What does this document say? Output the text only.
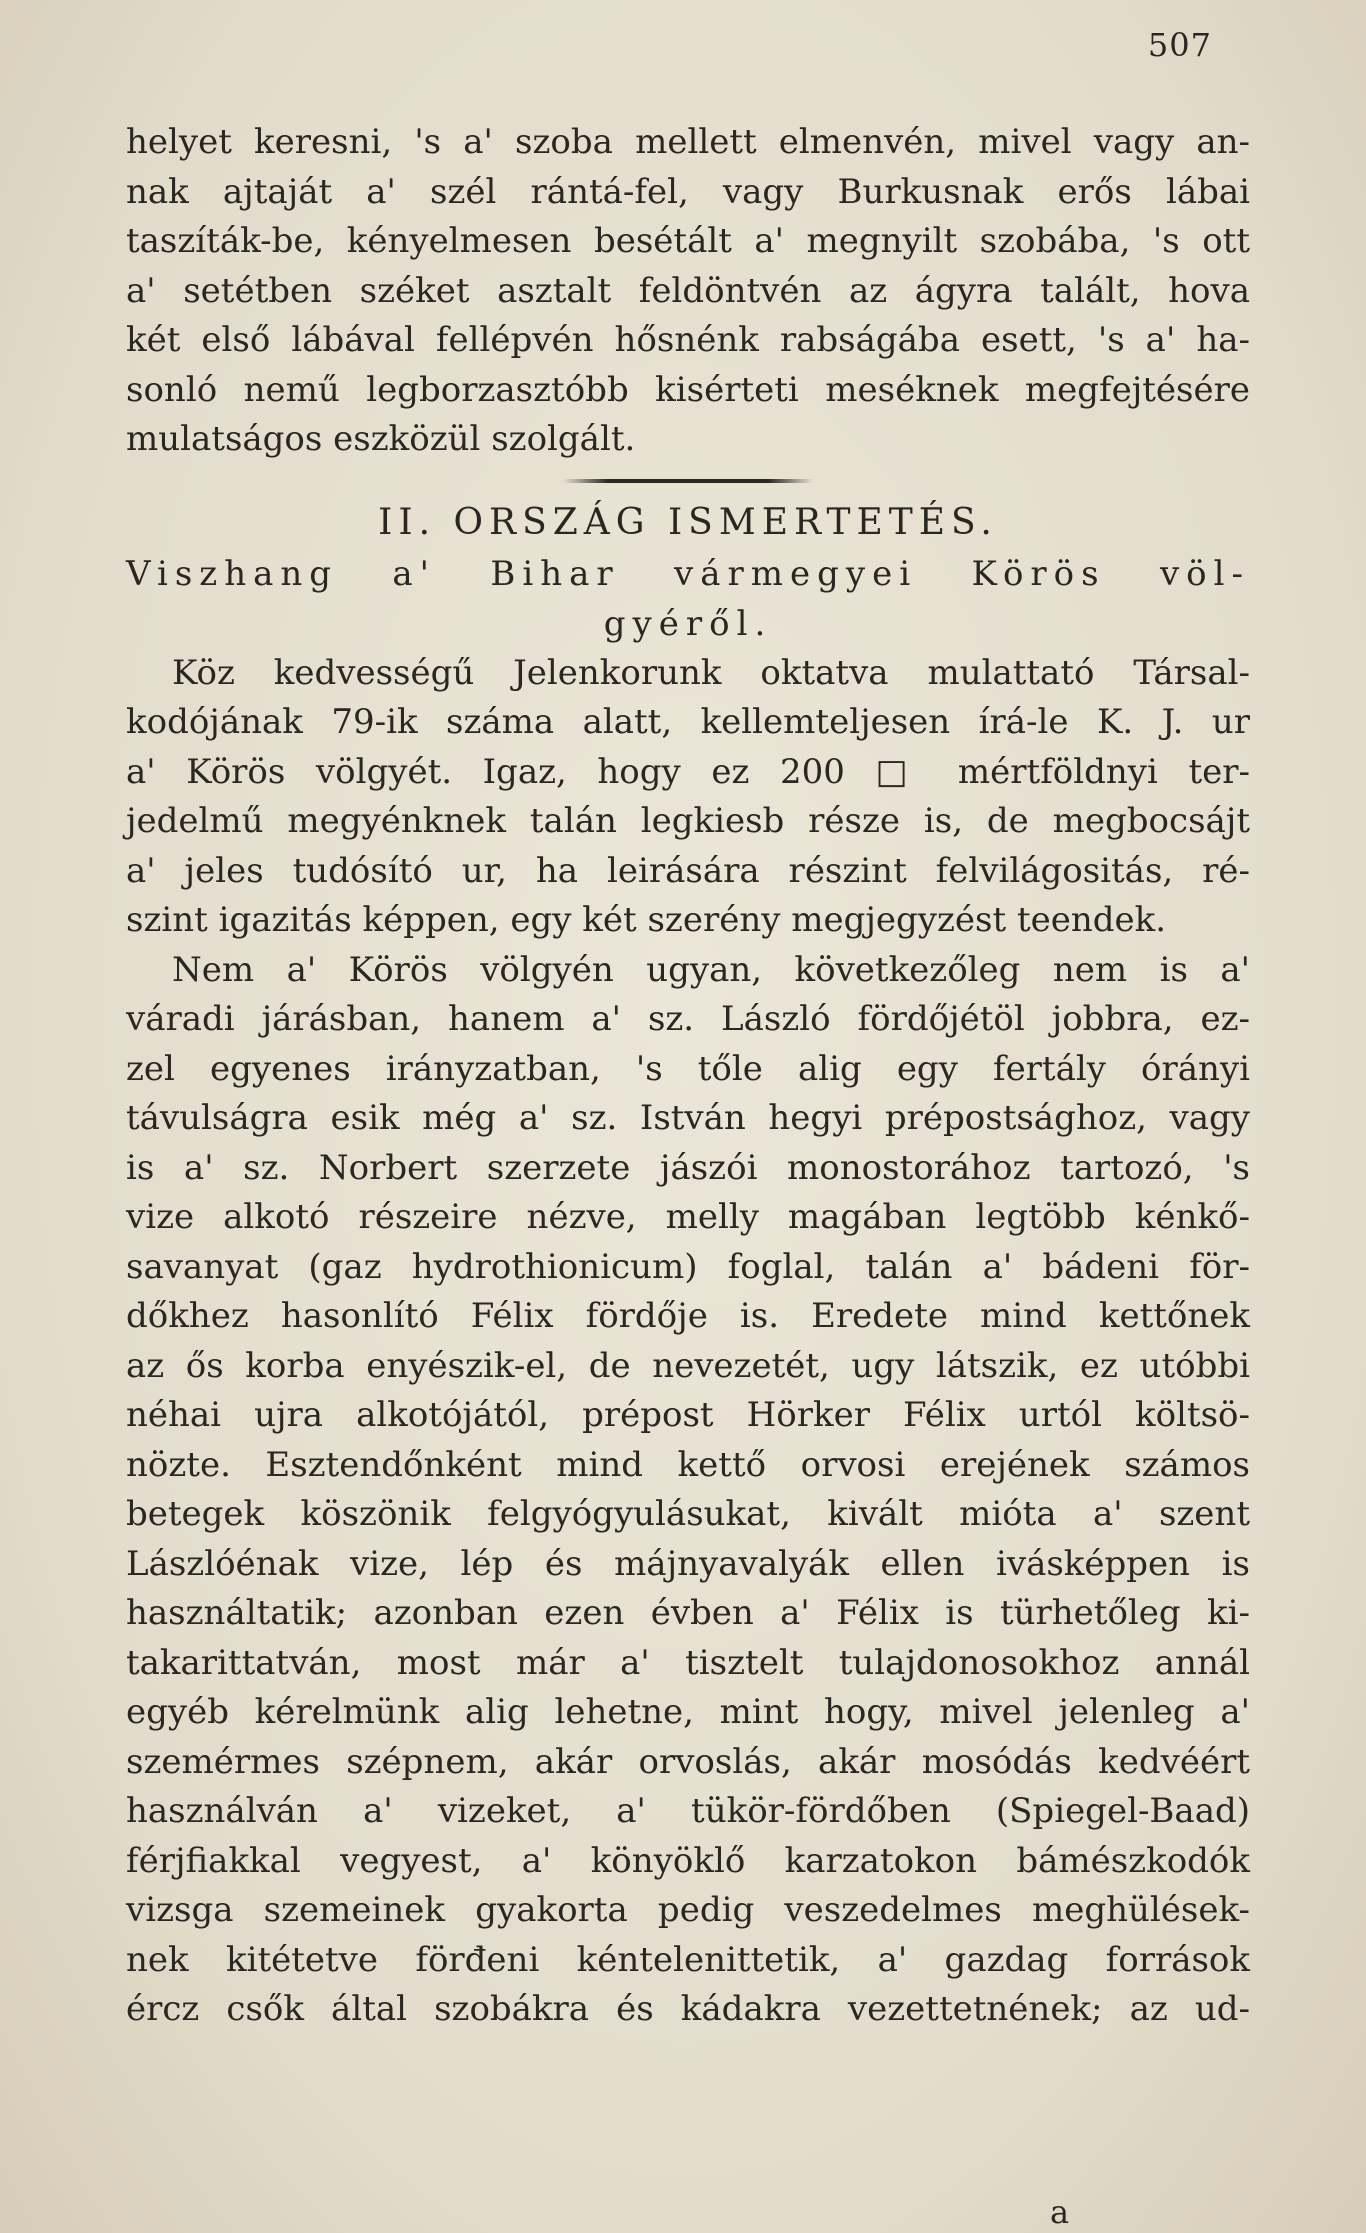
507
helyet keresni, 's a' szoba mellett elmenvén, mivel vagy an-
nak ajtaját a' szél rántá-fel, vagy Burkusnak erős lábai
taszíták-be, kényelmesen besétált a' megnyilt szobába, 's ott
a' setétben széket asztalt feldöntvén az ágyra talált, hova
két első lábával fellépvén hősnénk rabságába esett, 's a' ha-
sonló nemű legborzasztóbb kisérteti meséknek megfejtésére
mulatságos eszközül szolgált.
II. ORSZÁG ISMERTETÉS.
Viszhang a' Bihar vármegyei Körös völ-
gyéről.
Köz kedvességű Jelenkorunk oktatva mulattató Társal-
kodójának 79-ik száma alatt, kellemteljesen írá-le K. J. ur
a' Körös völgyét. Igaz, hogy ez 200 □ mértföldnyi ter-
jedelmű megyénknek talán legkiesb része is, de megbocsájt
a' jeles tudósító ur, ha leirására részint felvilágositás, ré-
szint igazitás képpen, egy két szerény megjegyzést teendek.
Nem a' Körös völgyén ugyan, következőleg nem is a'
váradi járásban, hanem a' sz. László fördőjétöl jobbra, ez-
zel egyenes irányzatban, 's tőle alig egy fertály órányi
távulságra esik még a' sz. István hegyi prépostsághoz, vagy
is a' sz. Norbert szerzete jászói monostorához tartozó, 's
vize alkotó részeire nézve, melly magában legtöbb kénkő-
savanyat (gaz hydrothionicum) foglal, talán a' bádeni för-
dőkhez hasonlító Félix fördője is. Eredete mind kettőnek
az ős korba enyészik-el, de nevezetét, ugy látszik, ez utóbbi
néhai ujra alkotójától, prépost Hörker Félix urtól költsö-
nözte. Esztendőnként mind kettő orvosi erejének számos
betegek köszönik felgyógyulásukat, kivált mióta a' szent
Lászlóénak vize, lép és májnyavalyák ellen ivásképpen is
használtatik; azonban ezen évben a' Félix is türhetőleg ki-
takarittatván, most már a' tisztelt tulajdonosokhoz annál
egyéb kérelmünk alig lehetne, mint hogy, mivel jelenleg a'
szemérmes szépnem, akár orvoslás, akár mosódás kedvéért
használván a' vizeket, a' tükör-fördőben (Spiegel-Baad)
férjfiakkal vegyest, a' könyöklő karzatokon bámészkodók
vizsga szemeinek gyakorta pedig veszedelmes meghülések-
nek kitétetve förđeni kéntelenittetik, a' gazdag források
ércz csők által szobákra és kádakra vezettetnének; az ud-
a
